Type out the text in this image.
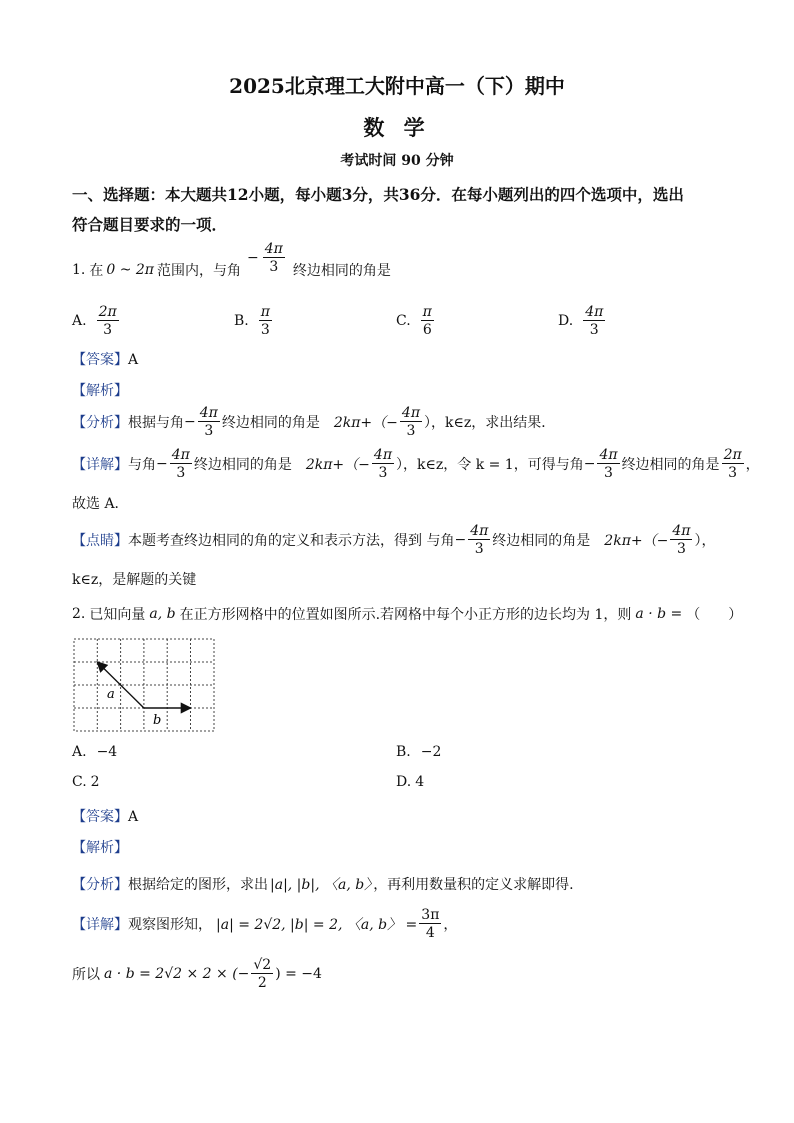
2025北京理工大附中高一（下）期中
数 学
考试时间 90 分钟
一、选择题：本大题共12小题，每小题3分，共36分．在每小题列出的四个选项中，选出
符合题目要求的一项．
1. 在 0 ~ 2π 范围内，与角
− $\frac{4\pi}{3}$ 终边相同的角是
A. $\frac{2\pi}{3}$	B. $\frac{\pi}{3}$	C. $\frac{\pi}{6}$	D. $\frac{4\pi}{3}$
【答案】A
【解析】
【分析】 根据与角 − $\frac{4\pi}{3}$ 终边相同的角是 $2k\pi+(- \frac{4\pi}{3}$ ），k∈z，求出结果．
【详解】 与角 − $\frac{4\pi}{3}$ 终边相同的角是 $2k\pi+(- \frac{4\pi}{3}$ ），k∈z，令 k = 1，可得与角 − $\frac{4\pi}{3}$ 终边相同的角是 $\frac{2\pi}{3}$ ，
故选 A．
【点睛】 本题考查终边相同的角的定义和表示方法，得到 与角 − $\frac{4\pi}{3}$ 终边相同的角是 $2k\pi+(- \frac{4\pi}{3}$ ），
k∈z，是解题的关键
2. 已知向量 a, b 在正方形网格中的位置如图所示.若网格中每个小正方形的边长均为 1，则 a · b = （　　）
a
b
A. −4	B. −2
C. 2	D. 4
【答案】A
【解析】
【分析】根据给定的图形，求出 |a|, |b|, 〈a, b〉 ，再利用数量积的定义求解即得.
【详解】 观察图形知， |a| = 2√2, |b| = 2, 〈a, b〉 = $\frac{3\pi}{4}$ ，
所以 a · b = 2√2 × 2 × (− $\frac{√2}{2}$ ) = −4
